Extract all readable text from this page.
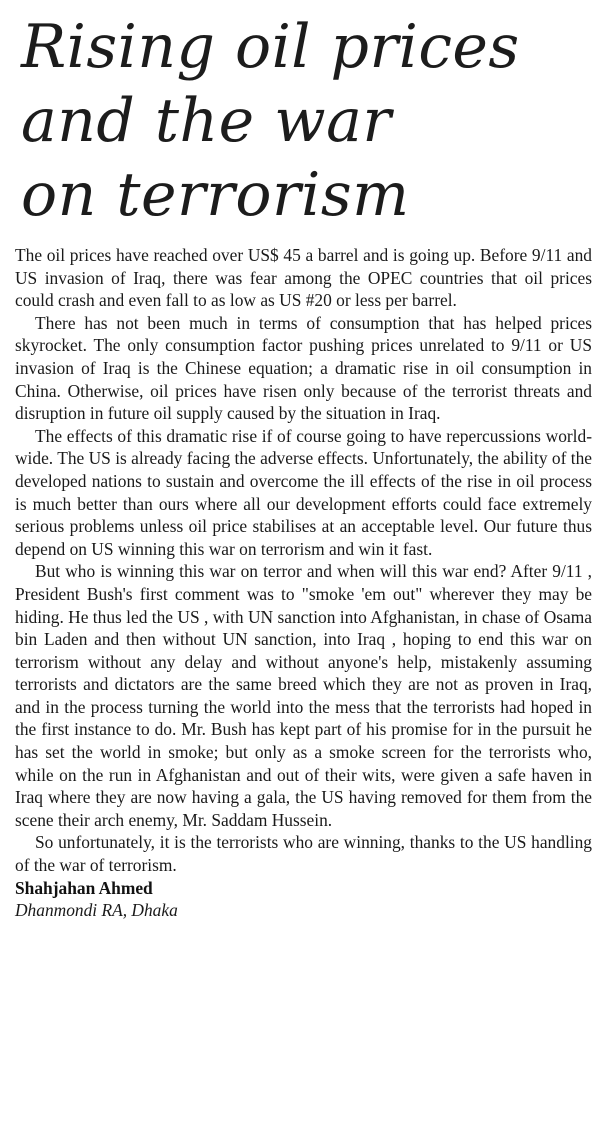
Rising oil prices
and the war
on terrorism

The oil prices have reached over US$ 45 a barrel and is going up. Before 9/11 and US invasion of Iraq, there was fear among the OPEC countries that oil prices could crash and even fall to as low as US #20 or less per barrel.

There has not been much in terms of consumption that has helped prices skyrocket. The only consumption factor pushing prices unrelated to 9/11 or US invasion of Iraq is the Chinese equation; a dramatic rise in oil consumption in China. Otherwise, oil prices have risen only because of the terrorist threats and disruption in future oil supply caused by the situation in Iraq.

The effects of this dramatic rise if of course going to have repercussions world-wide. The US is already facing the adverse effects. Unfortunately, the ability of the developed nations to sustain and overcome the ill effects of the rise in oil process is much better than ours where all our development efforts could face extremely serious problems unless oil price stabilises at an acceptable level. Our future thus depend on US winning this war on terrorism and win it fast.

But who is winning this war on terror and when will this war end? After 9/11 , President Bush's first comment was to "smoke 'em out" wherever they may be hiding. He thus led the US , with UN sanction into Afghanistan, in chase of Osama bin Laden and then without UN sanction, into Iraq , hoping to end this war on terrorism without any delay and without anyone's help, mistakenly assuming terrorists and dictators are the same breed which they are not as proven in Iraq, and in the process turning the world into the mess that the terrorists had hoped in the first instance to do. Mr. Bush has kept part of his promise for in the pursuit he has set the world in smoke; but only as a smoke screen for the terrorists who, while on the run in Afghanistan and out of their wits, were given a safe haven in Iraq where they are now having a gala, the US having removed for them from the scene their arch enemy, Mr. Saddam Hussein.

So unfortunately, it is the terrorists who are winning, thanks to the US handling of the war of terrorism.

Shahjahan Ahmed

Dhanmondi RA, Dhaka
